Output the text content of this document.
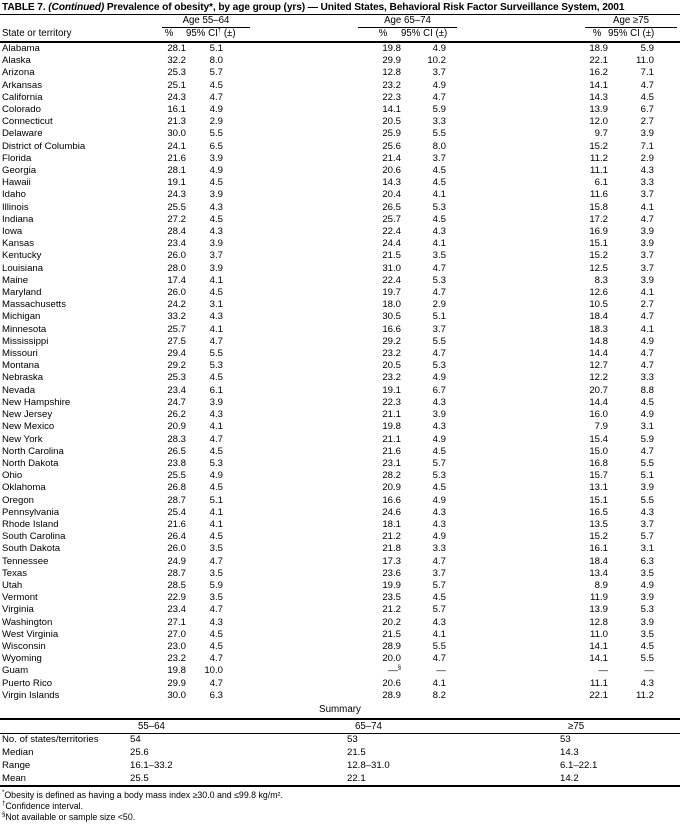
TABLE 7. (Continued) Prevalence of obesity*, by age group (yrs) — United States, Behavioral Risk Factor Surveillance System, 2001

	Age 55–64			Age 65–74			Age ≥75		

State or territory	%	95% CI† (±)		%	95% CI (±)		%	95% CI (±)	
Alabama	28.1	5.1		19.8	4.9		18.9	5.9	
Alaska	32.2	8.0		29.9	10.2		22.1	11.0	
Arizona	25.3	5.7		12.8	3.7		16.2	7.1	
Arkansas	25.1	4.5		23.2	4.9		14.1	4.7	
California	24.3	4.7		22.3	4.7		14.3	4.5	
Colorado	16.1	4.9		14.1	5.9		13.9	6.7	
Connecticut	21.3	2.9		20.5	3.3		12.0	2.7	
Delaware	30.0	5.5		25.9	5.5		9.7	3.9	
District of Columbia	24.1	6.5		25.6	8.0		15.2	7.1	
Florida	21.6	3.9		21.4	3.7		11.2	2.9	
Georgia	28.1	4.9		20.6	4.5		11.1	4.3	
Hawaii	19.1	4.5		14.3	4.5		6.1	3.3	
Idaho	24.3	3.9		20.4	4.1		11.6	3.7	
Illinois	25.5	4.3		26.5	5.3		15.8	4.1	
Indiana	27.2	4.5		25.7	4.5		17.2	4.7	
Iowa	28.4	4.3		22.4	4.3		16.9	3.9	
Kansas	23.4	3.9		24.4	4.1		15.1	3.9	
Kentucky	26.0	3.7		21.5	3.5		15.2	3.7	
Louisiana	28.0	3.9		31.0	4.7		12.5	3.7	
Maine	17.4	4.1		22.4	5.3		8.3	3.9	
Maryland	26.0	4.5		19.7	4.7		12.6	4.1	
Massachusetts	24.2	3.1		18.0	2.9		10.5	2.7	
Michigan	33.2	4.3		30.5	5.1		18.4	4.7	
Minnesota	25.7	4.1		16.6	3.7		18.3	4.1	
Mississippi	27.5	4.7		29.2	5.5		14.8	4.9	
Missouri	29.4	5.5		23.2	4.7		14.4	4.7	
Montana	29.2	5.3		20.5	5.3		12.7	4.7	
Nebraska	25.3	4.5		23.2	4.9		12.2	3.3	
Nevada	23.4	6.1		19.1	6.7		20.7	8.8	
New Hampshire	24.7	3.9		22.3	4.3		14.4	4.5	
New Jersey	26.2	4.3		21.1	3.9		16.0	4.9	
New Mexico	20.9	4.1		19.8	4.3		7.9	3.1	
New York	28.3	4.7		21.1	4.9		15.4	5.9	
North Carolina	26.5	4.5		21.6	4.5		15.0	4.7	
North Dakota	23.8	5.3		23.1	5.7		16.8	5.5	
Ohio	25.5	4.9		28.2	5.3		15.7	5.1	
Oklahoma	26.8	4.5		20.9	4.5		13.1	3.9	
Oregon	28.7	5.1		16.6	4.9		15.1	5.5	
Pennsylvania	25.4	4.1		24.6	4.3		16.5	4.3	
Rhode Island	21.6	4.1		18.1	4.3		13.5	3.7	
South Carolina	26.4	4.5		21.2	4.9		15.2	5.7	
South Dakota	26.0	3.5		21.8	3.3		16.1	3.1	
Tennessee	24.9	4.7		17.3	4.7		18.4	6.3	
Texas	28.7	3.5		23.6	3.7		13.4	3.5	
Utah	28.5	5.9		19.9	5.7		8.9	4.9	
Vermont	22.9	3.5		23.5	4.5		11.9	3.9	
Virginia	23.4	4.7		21.2	5.7		13.9	5.3	
Washington	27.1	4.3		20.2	4.3		12.8	3.9	
West Virginia	27.0	4.5		21.5	4.1		11.0	3.5	
Wisconsin	23.0	4.5		28.9	5.5		14.1	4.5	
Wyoming	23.2	4.7		20.0	4.7		14.1	5.5	
Guam	19.8	10.0		—§	—		—	—	
Puerto Rico	29.9	4.7		20.6	4.1		11.1	4.3	
Virgin Islands	30.0	6.3		28.9	8.2		22.1	11.2	
Summary
	55–64	65–74	≥75
No. of states/territories	54	53	53
Median	25.6	21.5	14.3
Range	16.1–33.2	12.8–31.0	6.1–22.1
Mean	25.5	22.1	14.2
*Obesity is defined as having a body mass index ≥30.0 and ≤99.8 kg/m².
†Confidence interval.
§Not available or sample size <50.
